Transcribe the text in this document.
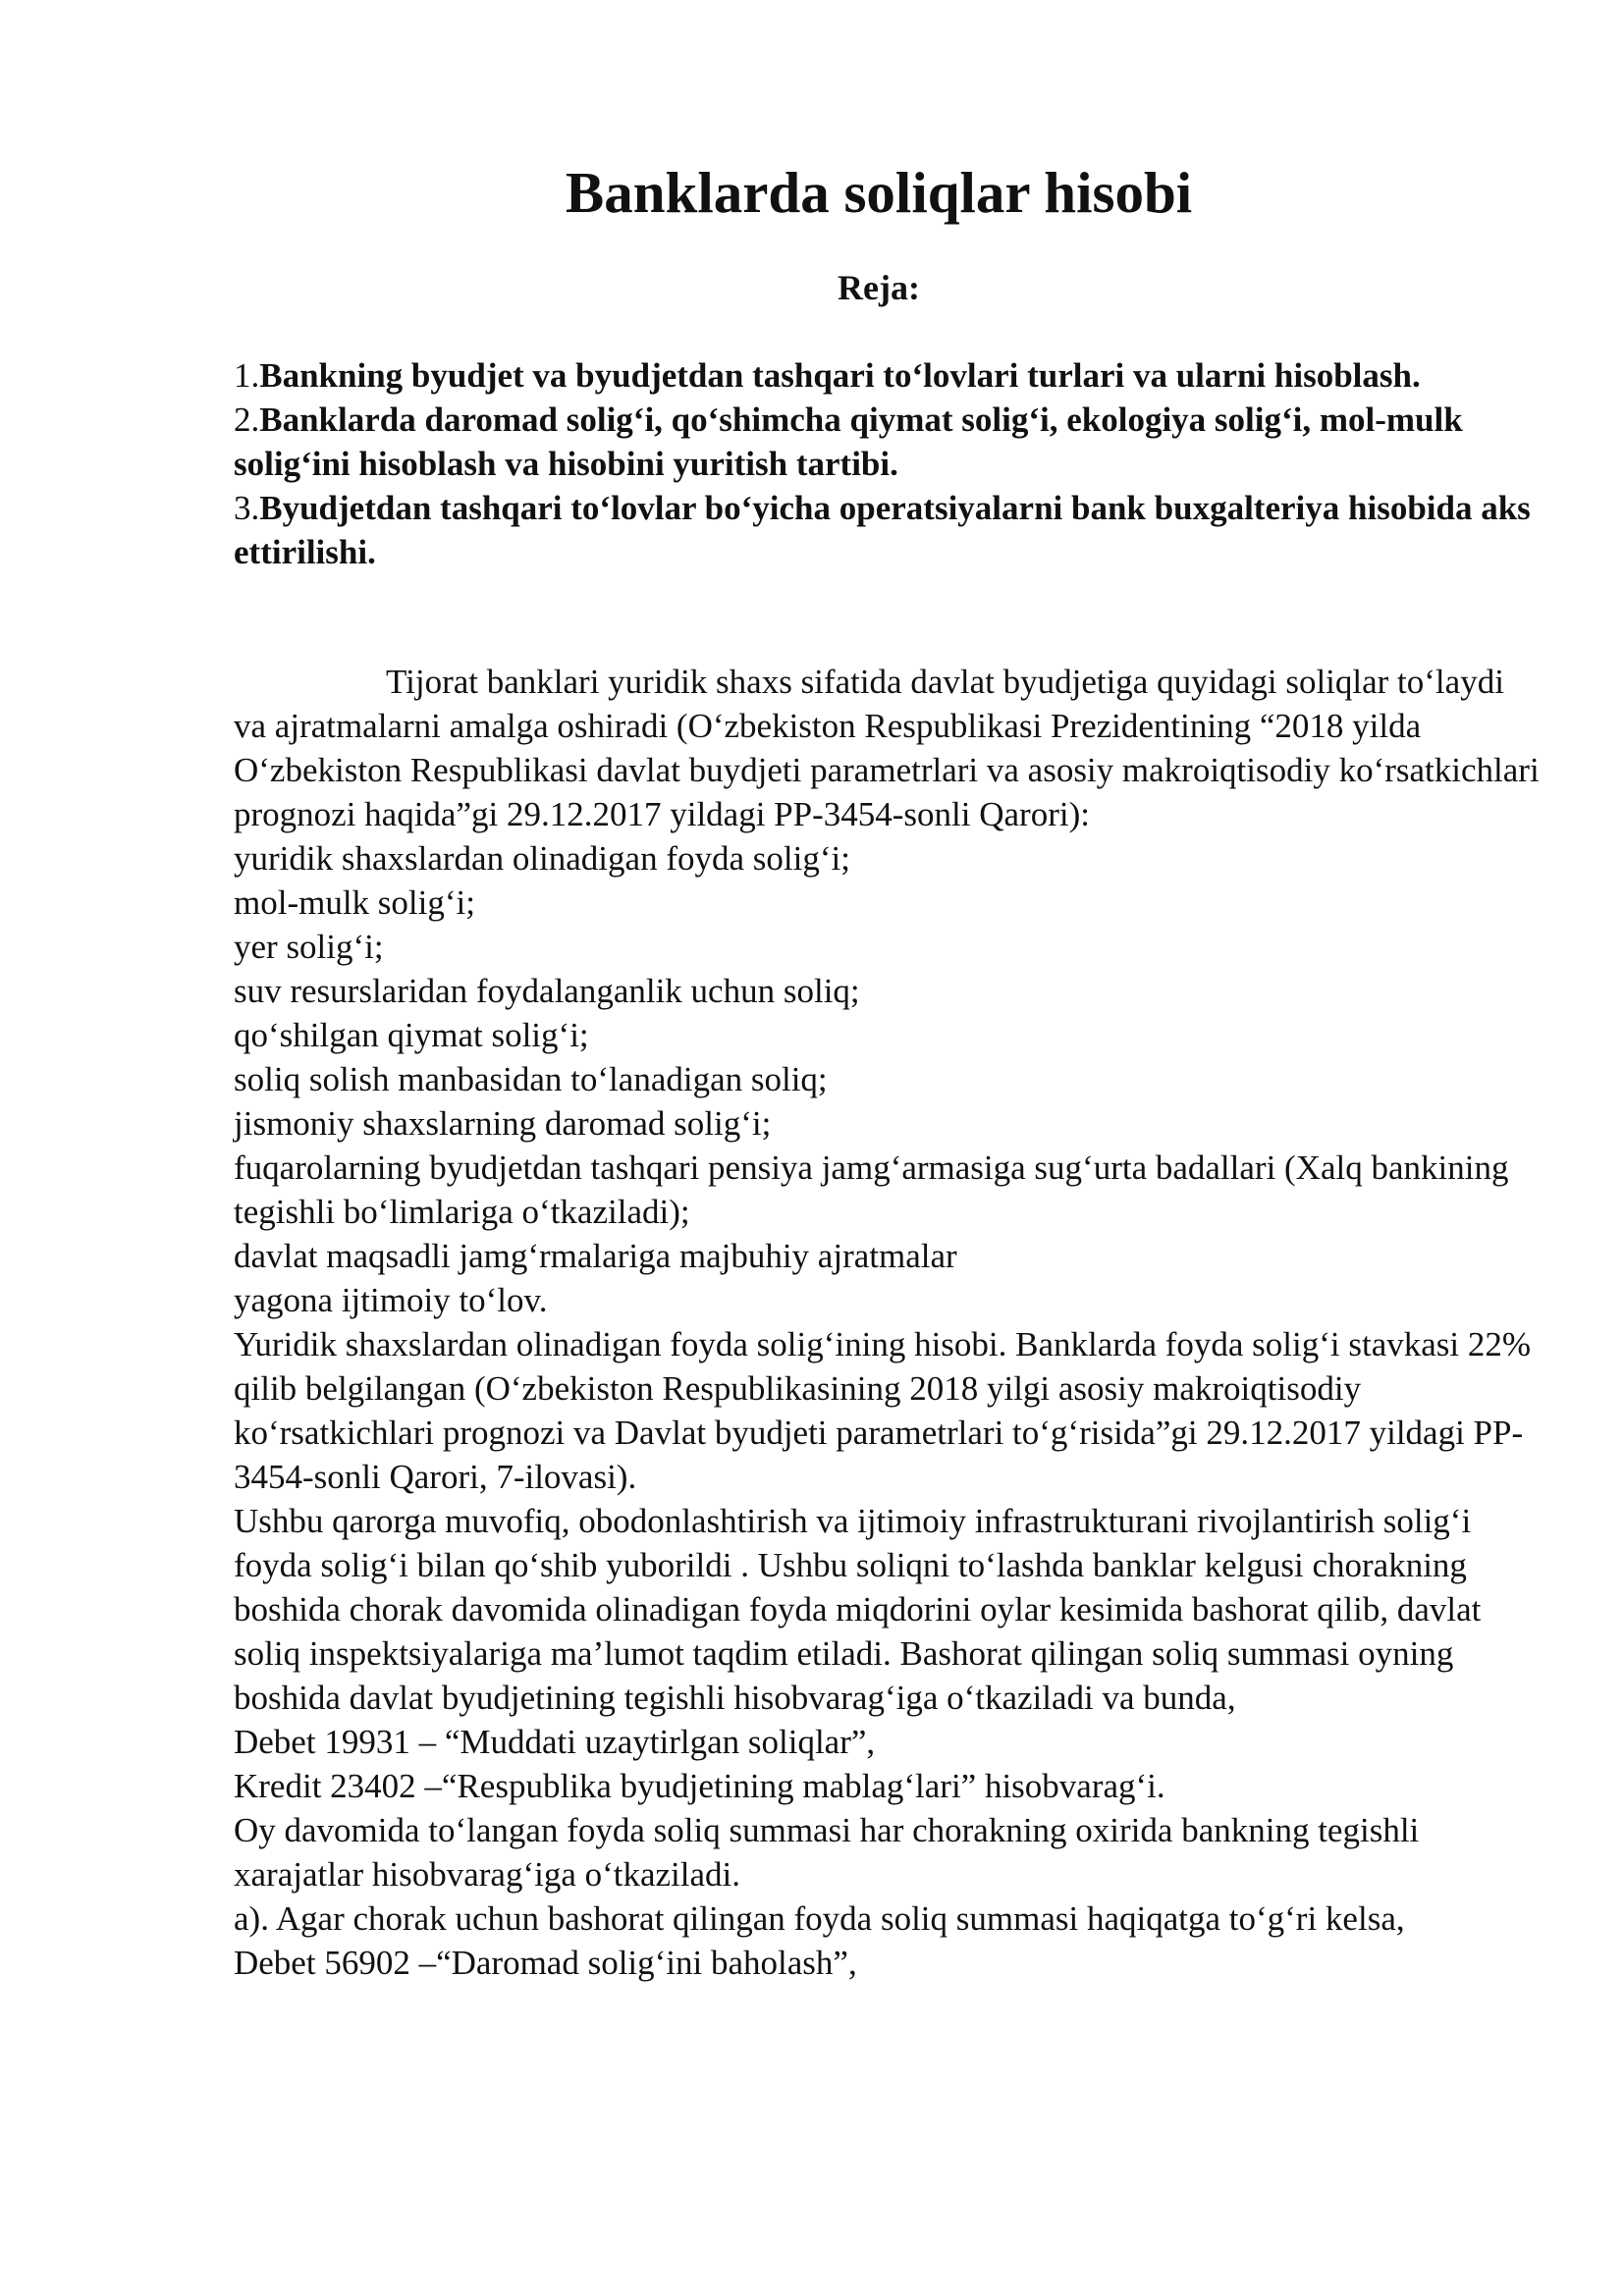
Banklarda soliqlar hisobi
Reja:

1.Bankning byudjet va byudjetdan tashqari to‘lovlari turlari va ularni hisoblash.

2.Banklarda daromad solig‘i, qo‘shimcha qiymat solig‘i, ekologiya solig‘i, mol-mulk solig‘ini hisoblash va hisobini yuritish tartibi.

3.Byudjetdan tashqari to‘lovlar bo‘yicha operatsiyalarni bank buxgalteriya hisobida aks ettirilishi.

Tijorat banklari yuridik shaxs sifatida davlat byudjetiga quyidagi soliqlar to‘laydi va ajratmalarni amalga oshiradi (O‘zbekiston Respublikasi Prezidentining “2018 yilda O‘zbekiston Respublikasi davlat buydjeti parametrlari va asosiy makroiqtisodiy ko‘rsatkichlari prognozi haqida”gi 29.12.2017 yildagi PP-3454-sonli Qarori):

yuridik shaxslardan olinadigan foyda solig‘i;

mol-mulk solig‘i;

yer solig‘i;

suv resurslaridan foydalanganlik uchun soliq;

qo‘shilgan qiymat solig‘i;

soliq solish manbasidan to‘lanadigan soliq;

jismoniy shaxslarning daromad solig‘i;

fuqarolarning byudjetdan tashqari pensiya jamg‘armasiga sug‘urta badallari (Xalq bankining tegishli bo‘limlariga o‘tkaziladi);

davlat maqsadli jamg‘rmalariga majbuhiy ajratmalar

yagona ijtimoiy to‘lov.

Yuridik shaxslardan olinadigan foyda solig‘ining hisobi. Banklarda foyda solig‘i stavkasi 22% qilib belgilangan (O‘zbekiston Respublikasining 2018 yilgi asosiy makroiqtisodiy ko‘rsatkichlari prognozi va Davlat byudjeti parametrlari to‘g‘risida”gi 29.12.2017 yildagi PP-3454-sonli Qarori, 7-ilovasi).

Ushbu qarorga muvofiq, obodonlashtirish va ijtimoiy infrastrukturani rivojlantirish solig‘i foyda solig‘i bilan qo‘shib yuborildi . Ushbu soliqni to‘lashda banklar kelgusi chorakning boshida chorak davomida olinadigan foyda miqdorini oylar kesimida bashorat qilib, davlat soliq inspektsiyalariga ma’lumot taqdim etiladi. Bashorat qilingan soliq summasi oyning boshida davlat byudjetining tegishli hisobvarag‘iga o‘tkaziladi va bunda,

Debet 19931 – “Muddati uzaytirlgan soliqlar”,

Kredit 23402 –“Respublika byudjetining mablag‘lari” hisobvarag‘i.

Oy davomida to‘langan foyda soliq summasi har chorakning oxirida bankning tegishli xarajatlar hisobvarag‘iga o‘tkaziladi.

a). Agar chorak uchun bashorat qilingan foyda soliq summasi haqiqatga to‘g‘ri kelsa,

Debet 56902 –“Daromad solig‘ini baholash”,
